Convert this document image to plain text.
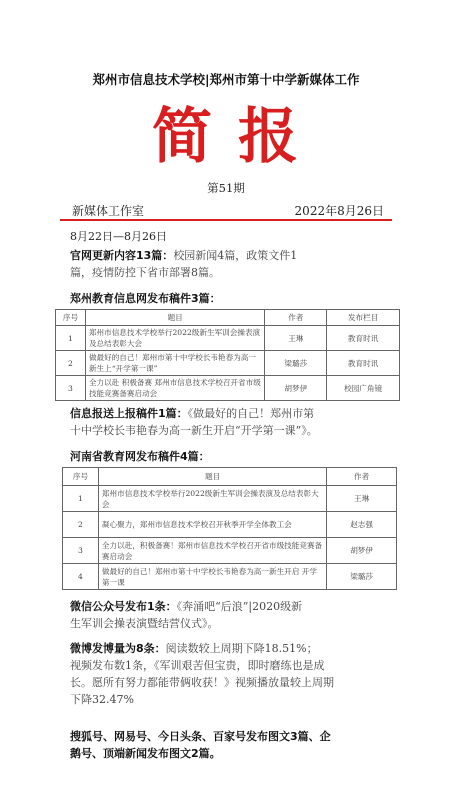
郑州市信息技术学校|郑州市第十中学新媒体工作
简报
第51期
新媒体工作室	2022年8月26日
8月22日—8月26日
官网更新内容13篇：校园新闻4篇，政策文件1
篇，疫情防控下省市部署8篇。
郑州教育信息网发布稿件3篇：
序号	题目	作者	发布栏目
1	郑州市信息技术学校举行2022级新生军训会操表演及总结表彰大会	王琳	教育时讯
2	做最好的自己！郑州市第十中学校长韦艳春为高一新生上“开学第一课”	梁璐莎	教育时讯
3	全力以赴 积极备赛 郑州市信息技术学校召开省市级技能竞赛备赛启动会	胡梦伊	校园广角镜
信息报送上报稿件1篇：《做最好的自己！郑州市第
十中学校长韦艳春为高一新生开启“开学第一课”》。
河南省教育网发布稿件4篇：
序号	题目	作者
1	郑州市信息技术学校举行2022级新生军训会操表演及总结表彰大会	王琳
2	凝心聚力，郑州市信息技术学校召开秋季开学全体教工会	赵志强
3	全力以赴，积极备赛！郑州市信息技术学校召开省市级技能竞赛备赛启动会	胡梦伊
4	做最好的自己！郑州市第十中学校长韦艳春为高一新生开启 开学第一课	梁璐莎
微信公众号发布1条：《奔涌吧“后浪”|2020级新
生军训会操表演暨结营仪式》。
微博发博量为8条：阅读数较上周期下降18.51%；
视频发布数1条，《军训艰苦但宝贵，即时磨练也是成
长。愿所有努力都能带俩收获！》视频播放量较上周期
下降32.47%
搜狐号、网易号、今日头条、百家号发布图文3篇、企
鹅号、顶端新闻发布图文2篇。
